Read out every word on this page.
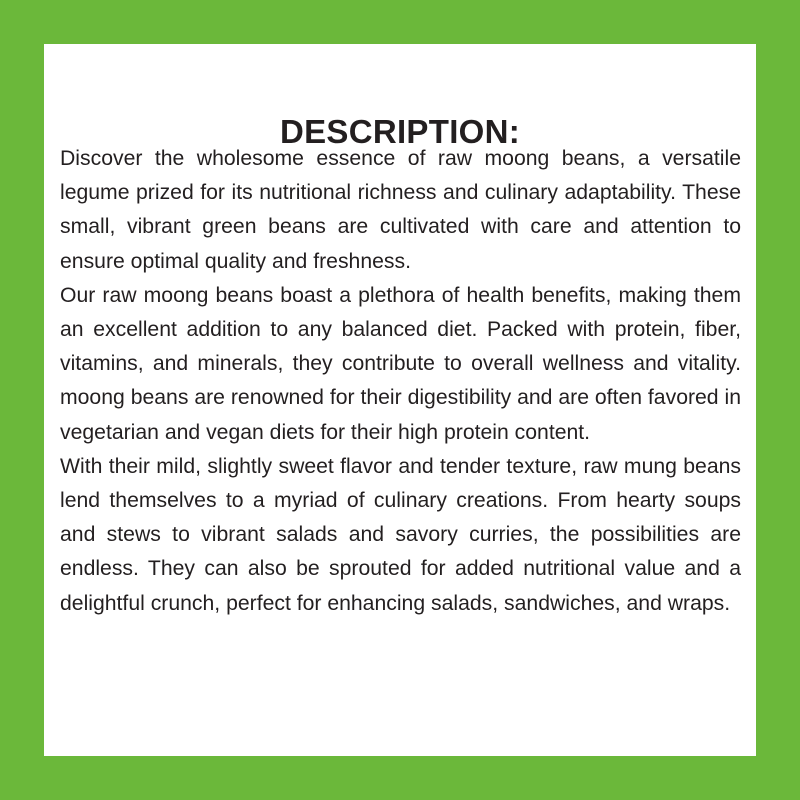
DESCRIPTION:

Discover the wholesome essence of raw moong beans, a versatile legume prized for its nutritional richness and culinary adaptability. These small, vibrant green beans are cultivated with care and attention to ensure optimal quality and freshness.

Our raw moong beans boast a plethora of health benefits, making them an excellent addition to any balanced diet. Packed with protein, fiber, vitamins, and minerals, they contribute to overall wellness and vitality. moong beans are renowned for their digestibility and are often favored in vegetarian and vegan diets for their high protein content.

With their mild, slightly sweet flavor and tender texture, raw mung beans lend themselves to a myriad of culinary creations. From hearty soups and stews to vibrant salads and savory curries, the possibilities are endless. They can also be sprouted for added nutritional value and a delightful crunch, perfect for enhancing salads, sandwiches, and wraps.
